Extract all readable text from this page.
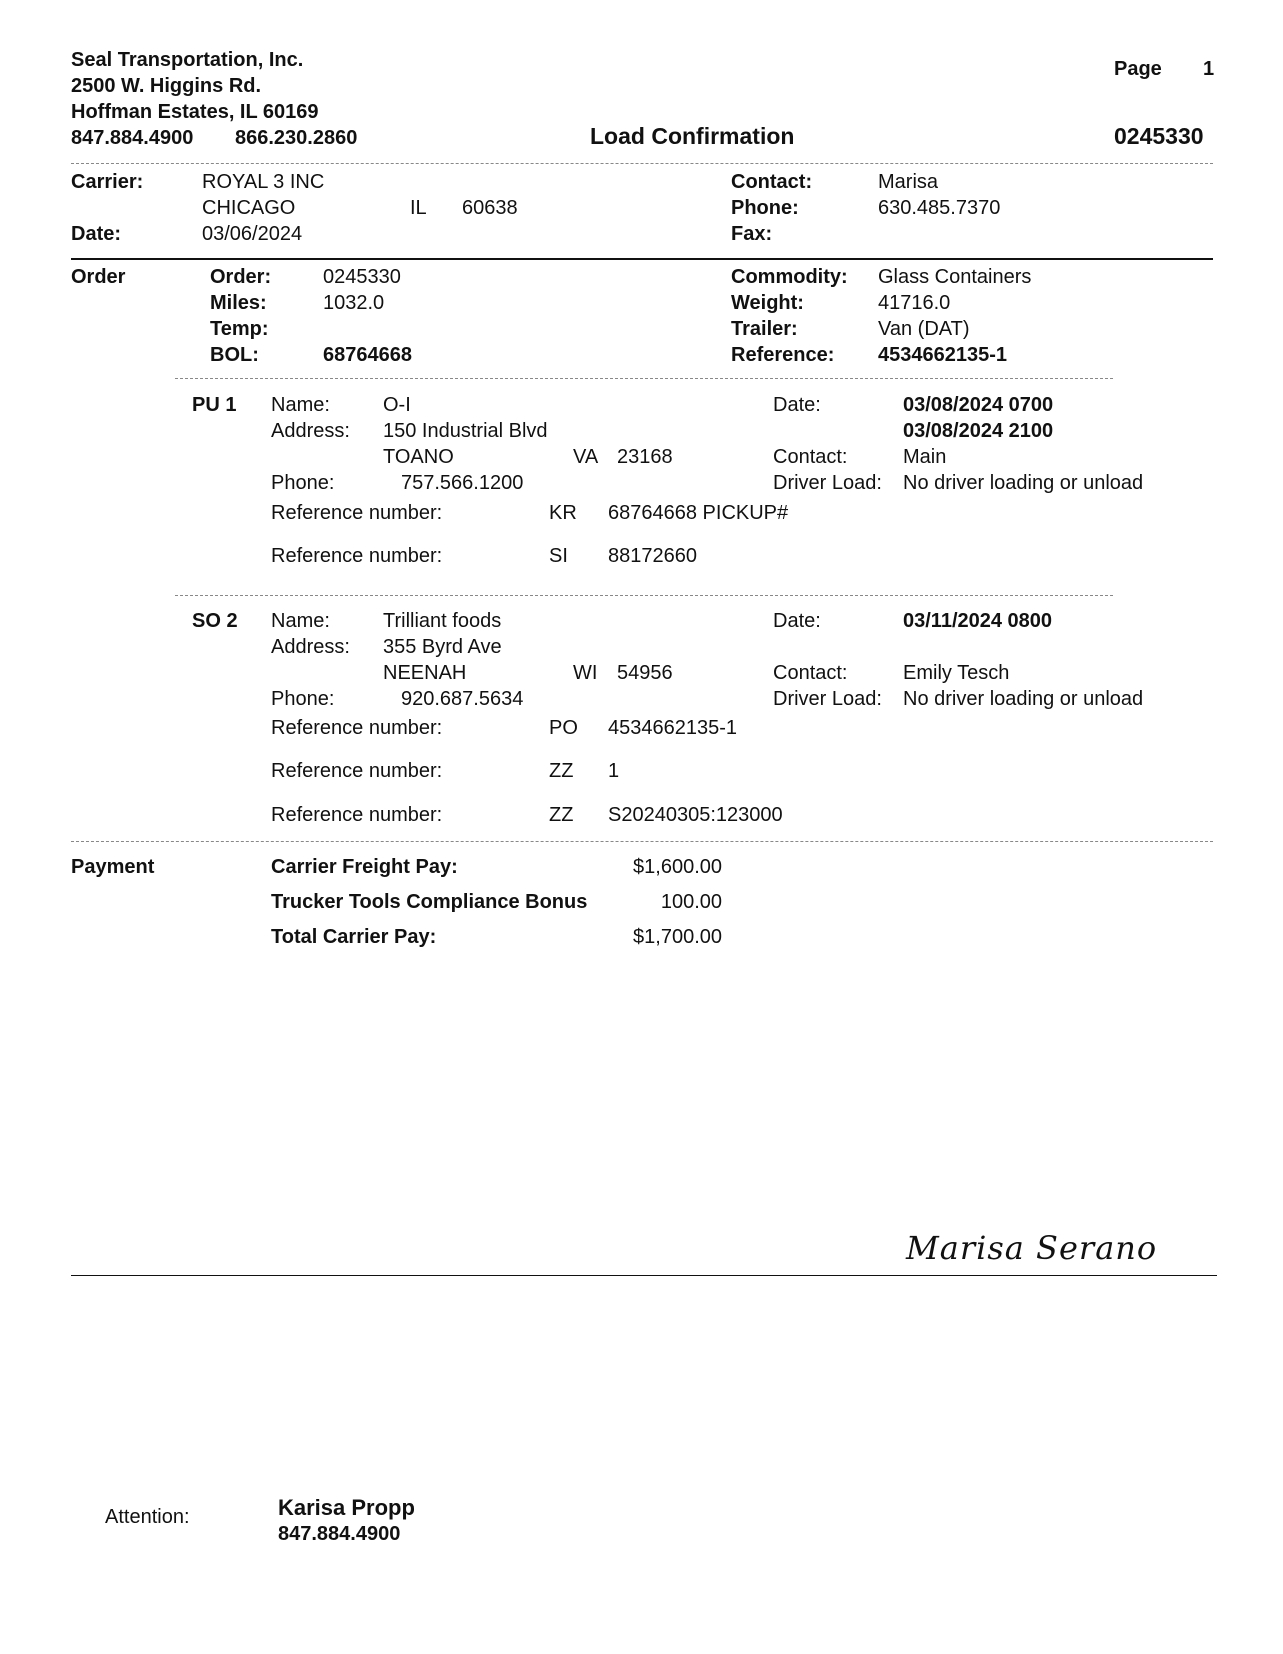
Seal Transportation, Inc.
2500 W. Higgins Rd.
Hoffman Estates, IL 60169
847.884.4900 866.230.2860
Page 1
Load Confirmation	0245330
Carrier:	ROYAL 3 INC
CHICAGO	IL 60638
Date:	03/06/2024
Contact:	Marisa
Phone:	630.485.7370
Fax:
Order	Order:	0245330
Miles:	1032.0
Temp:
BOL:	68764668
Commodity: Glass Containers
Weight:	41716.0
Trailer:	Van (DAT)
Reference: 4534662135-1
PU 1 Name:	O-I
Address: 150 Industrial Blvd
TOANO	VA 23168
Phone:	757.566.1200
Date:	03/08/2024 0700
03/08/2024 2100
Contact:	Main
Driver Load: No driver loading or unload
Reference number:	KR 68764668 PICKUP#
Reference number:	SI 88172660
SO 2 Name:	Trilliant foods
Address: 355 Byrd Ave
NEENAH	WI 54956
Phone:	920.687.5634
Date:	03/11/2024 0800
Contact:	Emily Tesch
Driver Load: No driver loading or unload
Reference number:	PO 4534662135-1
Reference number:	ZZ 1
Reference number:	ZZ S20240305:123000
Payment	Carrier Freight Pay:	$1,600.00
Trucker Tools Compliance Bonus	100.00
Total Carrier Pay:	$1,700.00
Marisa Serano
Attention:	Karisa Propp
847.884.4900
